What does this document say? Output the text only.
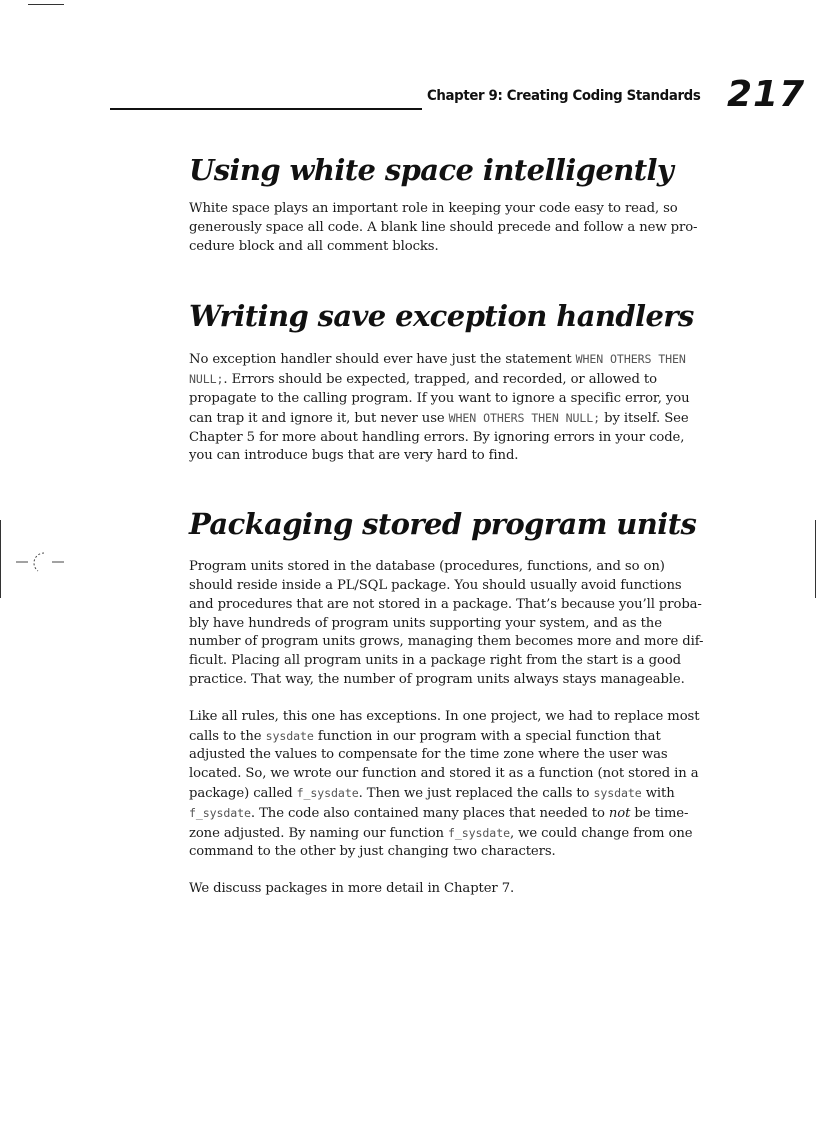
Chapter 9: Creating Coding Standards 217
Using white space intelligently

White space plays an important role in keeping your code easy to read, so generously space all code. A blank line should precede and follow a new pro-cedure block and all comment blocks.

Writing save exception handlers

No exception handler should ever have just the statement WHEN OTHERS THEN NULL;. Errors should be expected, trapped, and recorded, or allowed to propagate to the calling program. If you want to ignore a specific error, you can trap it and ignore it, but never use WHEN OTHERS THEN NULL; by itself. See Chapter 5 for more about handling errors. By ignoring errors in your code, you can introduce bugs that are very hard to find.

Packaging stored program units

Program units stored in the database (procedures, functions, and so on) should reside inside a PL/SQL package. You should usually avoid functions and procedures that are not stored in a package. That’s because you’ll proba-bly have hundreds of program units supporting your system, and as the number of program units grows, managing them becomes more and more dif-ficult. Placing all program units in a package right from the start is a good practice. That way, the number of program units always stays manageable.

Like all rules, this one has exceptions. In one project, we had to replace most calls to the sysdate function in our program with a special function that adjusted the values to compensate for the time zone where the user was located. So, we wrote our function and stored it as a function (not stored in a package) called f_sysdate. Then we just replaced the calls to sysdate with f_sysdate. The code also contained many places that needed to not be time-zone adjusted. By naming our function f_sysdate, we could change from one command to the other by just changing two characters.

We discuss packages in more detail in Chapter 7.
